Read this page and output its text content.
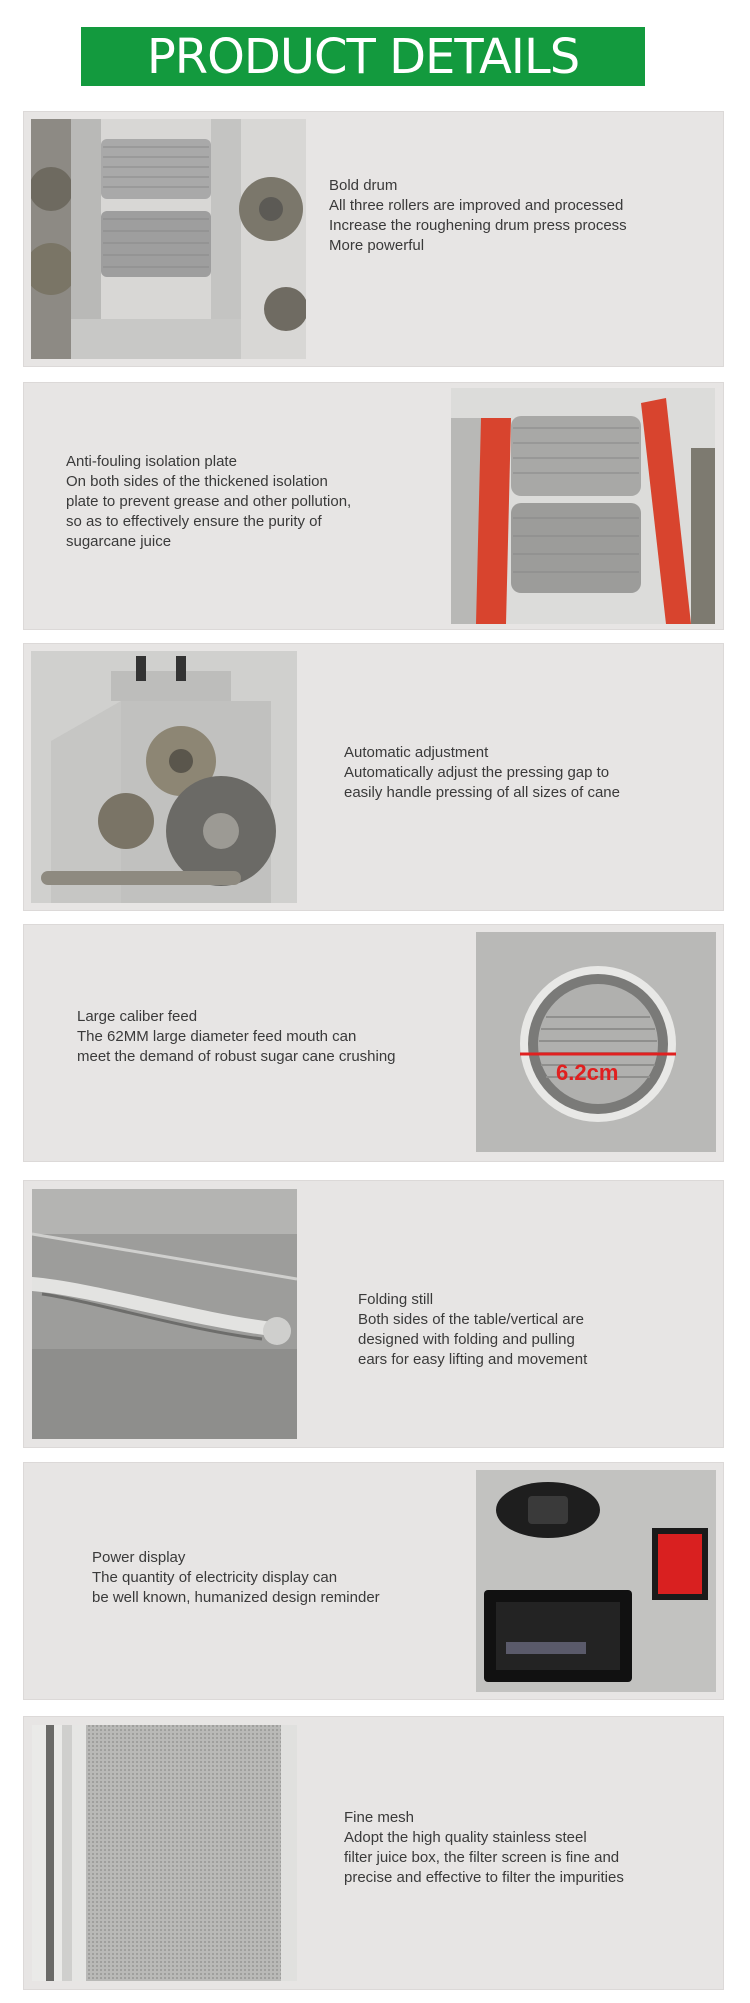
PRODUCT DETAILS
Bold drum
All three rollers are improved and processed
Increase the roughening drum press process
More powerful
Anti-fouling isolation plate
On both sides of the thickened isolation
plate to prevent grease and other pollution,
so as to effectively ensure the purity of
sugarcane juice
Automatic adjustment
Automatically adjust the pressing gap to
easily handle pressing of all sizes of cane
Large caliber feed
The 62MM large diameter feed mouth can
meet the demand of robust sugar cane crushing
6.2cm
Folding still
Both sides of the table/vertical are
designed with folding and pulling
ears for easy lifting and movement
Power display
The quantity of electricity display can
be well known, humanized design reminder
Fine mesh
Adopt the high quality stainless steel
filter juice box, the filter screen is fine and
precise and effective to filter the impurities
